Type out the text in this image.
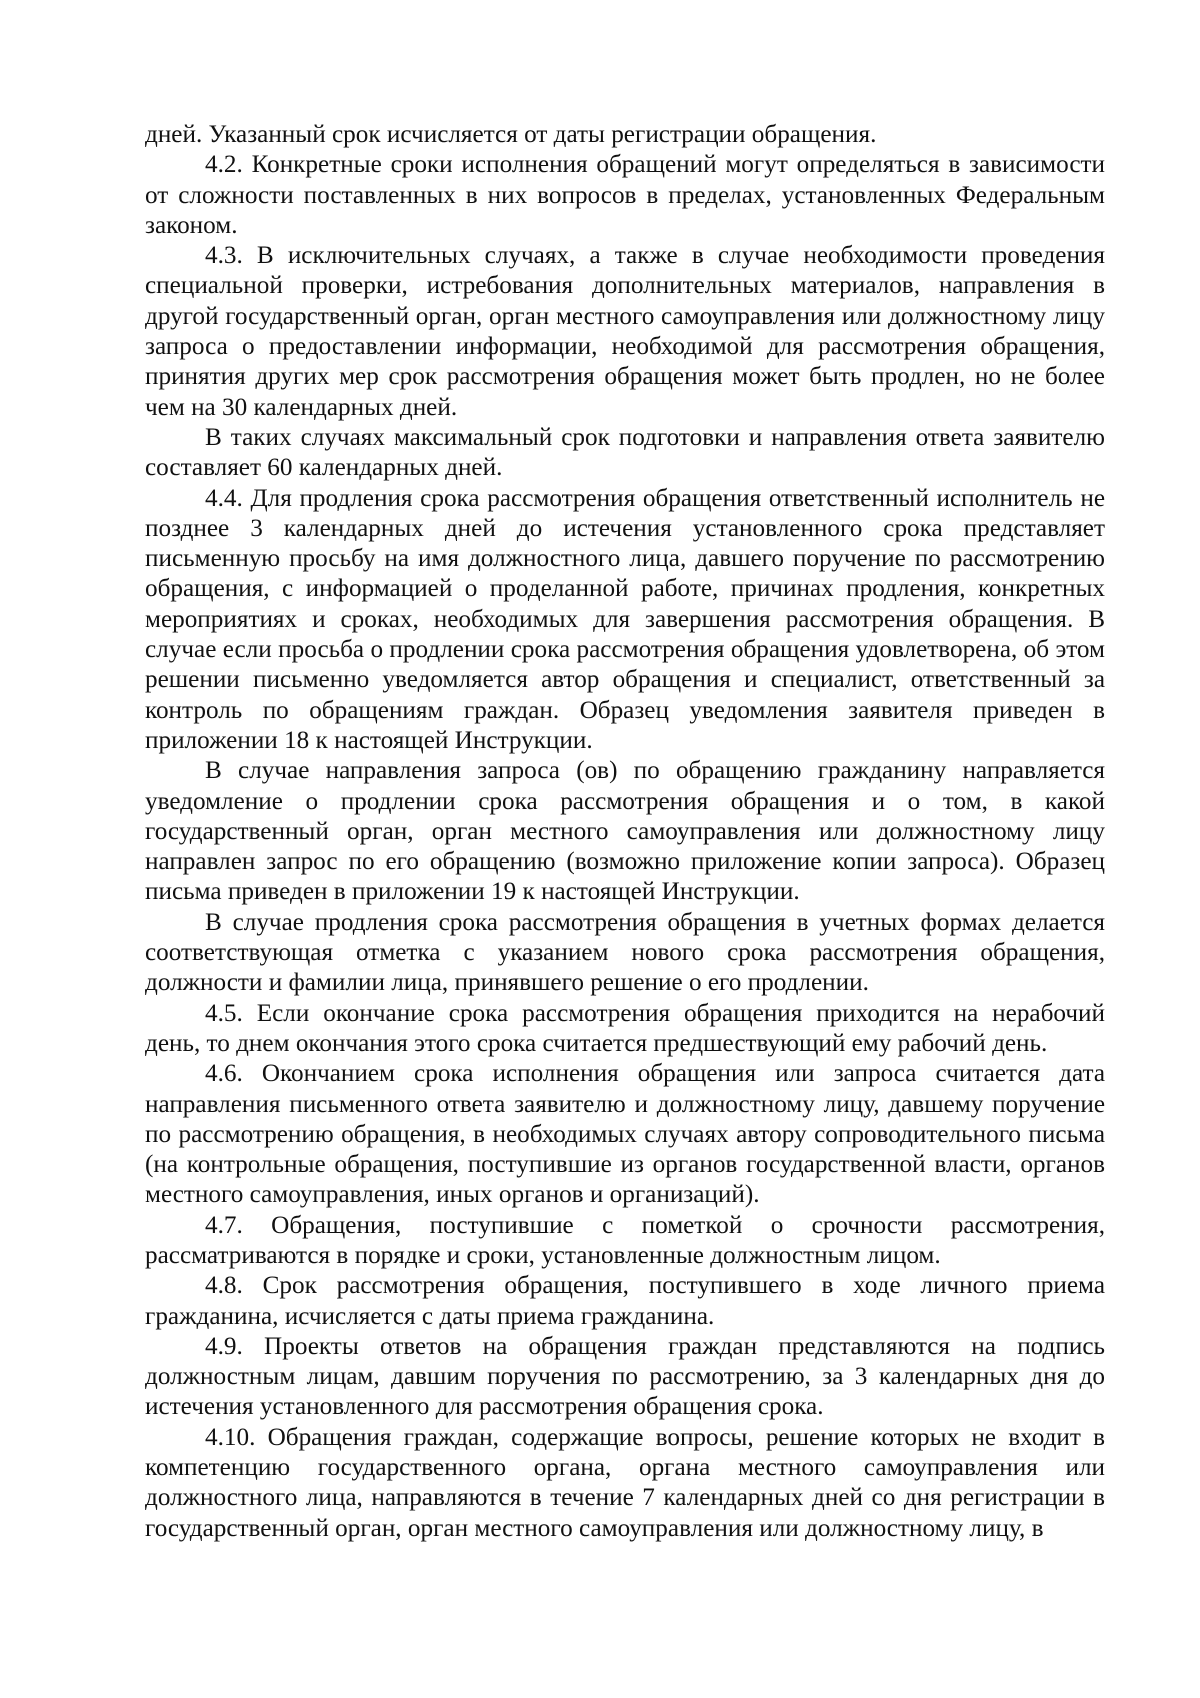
дней. Указанный срок исчисляется от даты регистрации обращения.

4.2. Конкретные сроки исполнения обращений могут определяться в зависимости от сложности поставленных в них вопросов в пределах, установленных Федеральным законом.

4.3. В исключительных случаях, а также в случае необходимости проведения специальной проверки, истребования дополнительных материалов, направления в другой государственный орган, орган местного самоуправления или должностному лицу запроса о предоставлении информации, необходимой для рассмотрения обращения, принятия других мер срок рассмотрения обращения может быть продлен, но не более чем на 30 календарных дней.

В таких случаях максимальный срок подготовки и направления ответа заявителю составляет 60 календарных дней.

4.4. Для продления срока рассмотрения обращения ответственный исполнитель не позднее 3 календарных дней до истечения установленного срока представляет письменную просьбу на имя должностного лица, давшего поручение по рассмотрению обращения, с информацией о проделанной работе, причинах продления, конкретных мероприятиях и сроках, необходимых для завершения рассмотрения обращения. В случае если просьба о продлении срока рассмотрения обращения удовлетворена, об этом решении письменно уведомляется автор обращения и специалист, ответственный за контроль по обращениям граждан. Образец уведомления заявителя приведен в приложении 18 к настоящей Инструкции.

В случае направления запроса (ов) по обращению гражданину направляется уведомление о продлении срока рассмотрения обращения и о том, в какой государственный орган, орган местного самоуправления или должностному лицу направлен запрос по его обращению (возможно приложение копии запроса). Образец письма приведен в приложении 19 к настоящей Инструкции.

В случае продления срока рассмотрения обращения в учетных формах делается соответствующая отметка с указанием нового срока рассмотрения обращения, должности и фамилии лица, принявшего решение о его продлении.

4.5. Если окончание срока рассмотрения обращения приходится на нерабочий день, то днем окончания этого срока считается предшествующий ему рабочий день.

4.6. Окончанием срока исполнения обращения или запроса считается дата направления письменного ответа заявителю и должностному лицу, давшему поручение по рассмотрению обращения, в необходимых случаях автору сопроводительного письма (на контрольные обращения, поступившие из органов государственной власти, органов местного самоуправления, иных органов и организаций).

4.7. Обращения, поступившие с пометкой о срочности рассмотрения, рассматриваются в порядке и сроки, установленные должностным лицом.

4.8. Срок рассмотрения обращения, поступившего в ходе личного приема гражданина, исчисляется с даты приема гражданина.

4.9. Проекты ответов на обращения граждан представляются на подпись должностным лицам, давшим поручения по рассмотрению, за 3 календарных дня до истечения установленного для рассмотрения обращения срока.

4.10. Обращения граждан, содержащие вопросы, решение которых не входит в компетенцию государственного органа, органа местного самоуправления или должностного лица, направляются в течение 7 календарных дней со дня регистрации в государственный орган, орган местного самоуправления или должностному лицу, в
